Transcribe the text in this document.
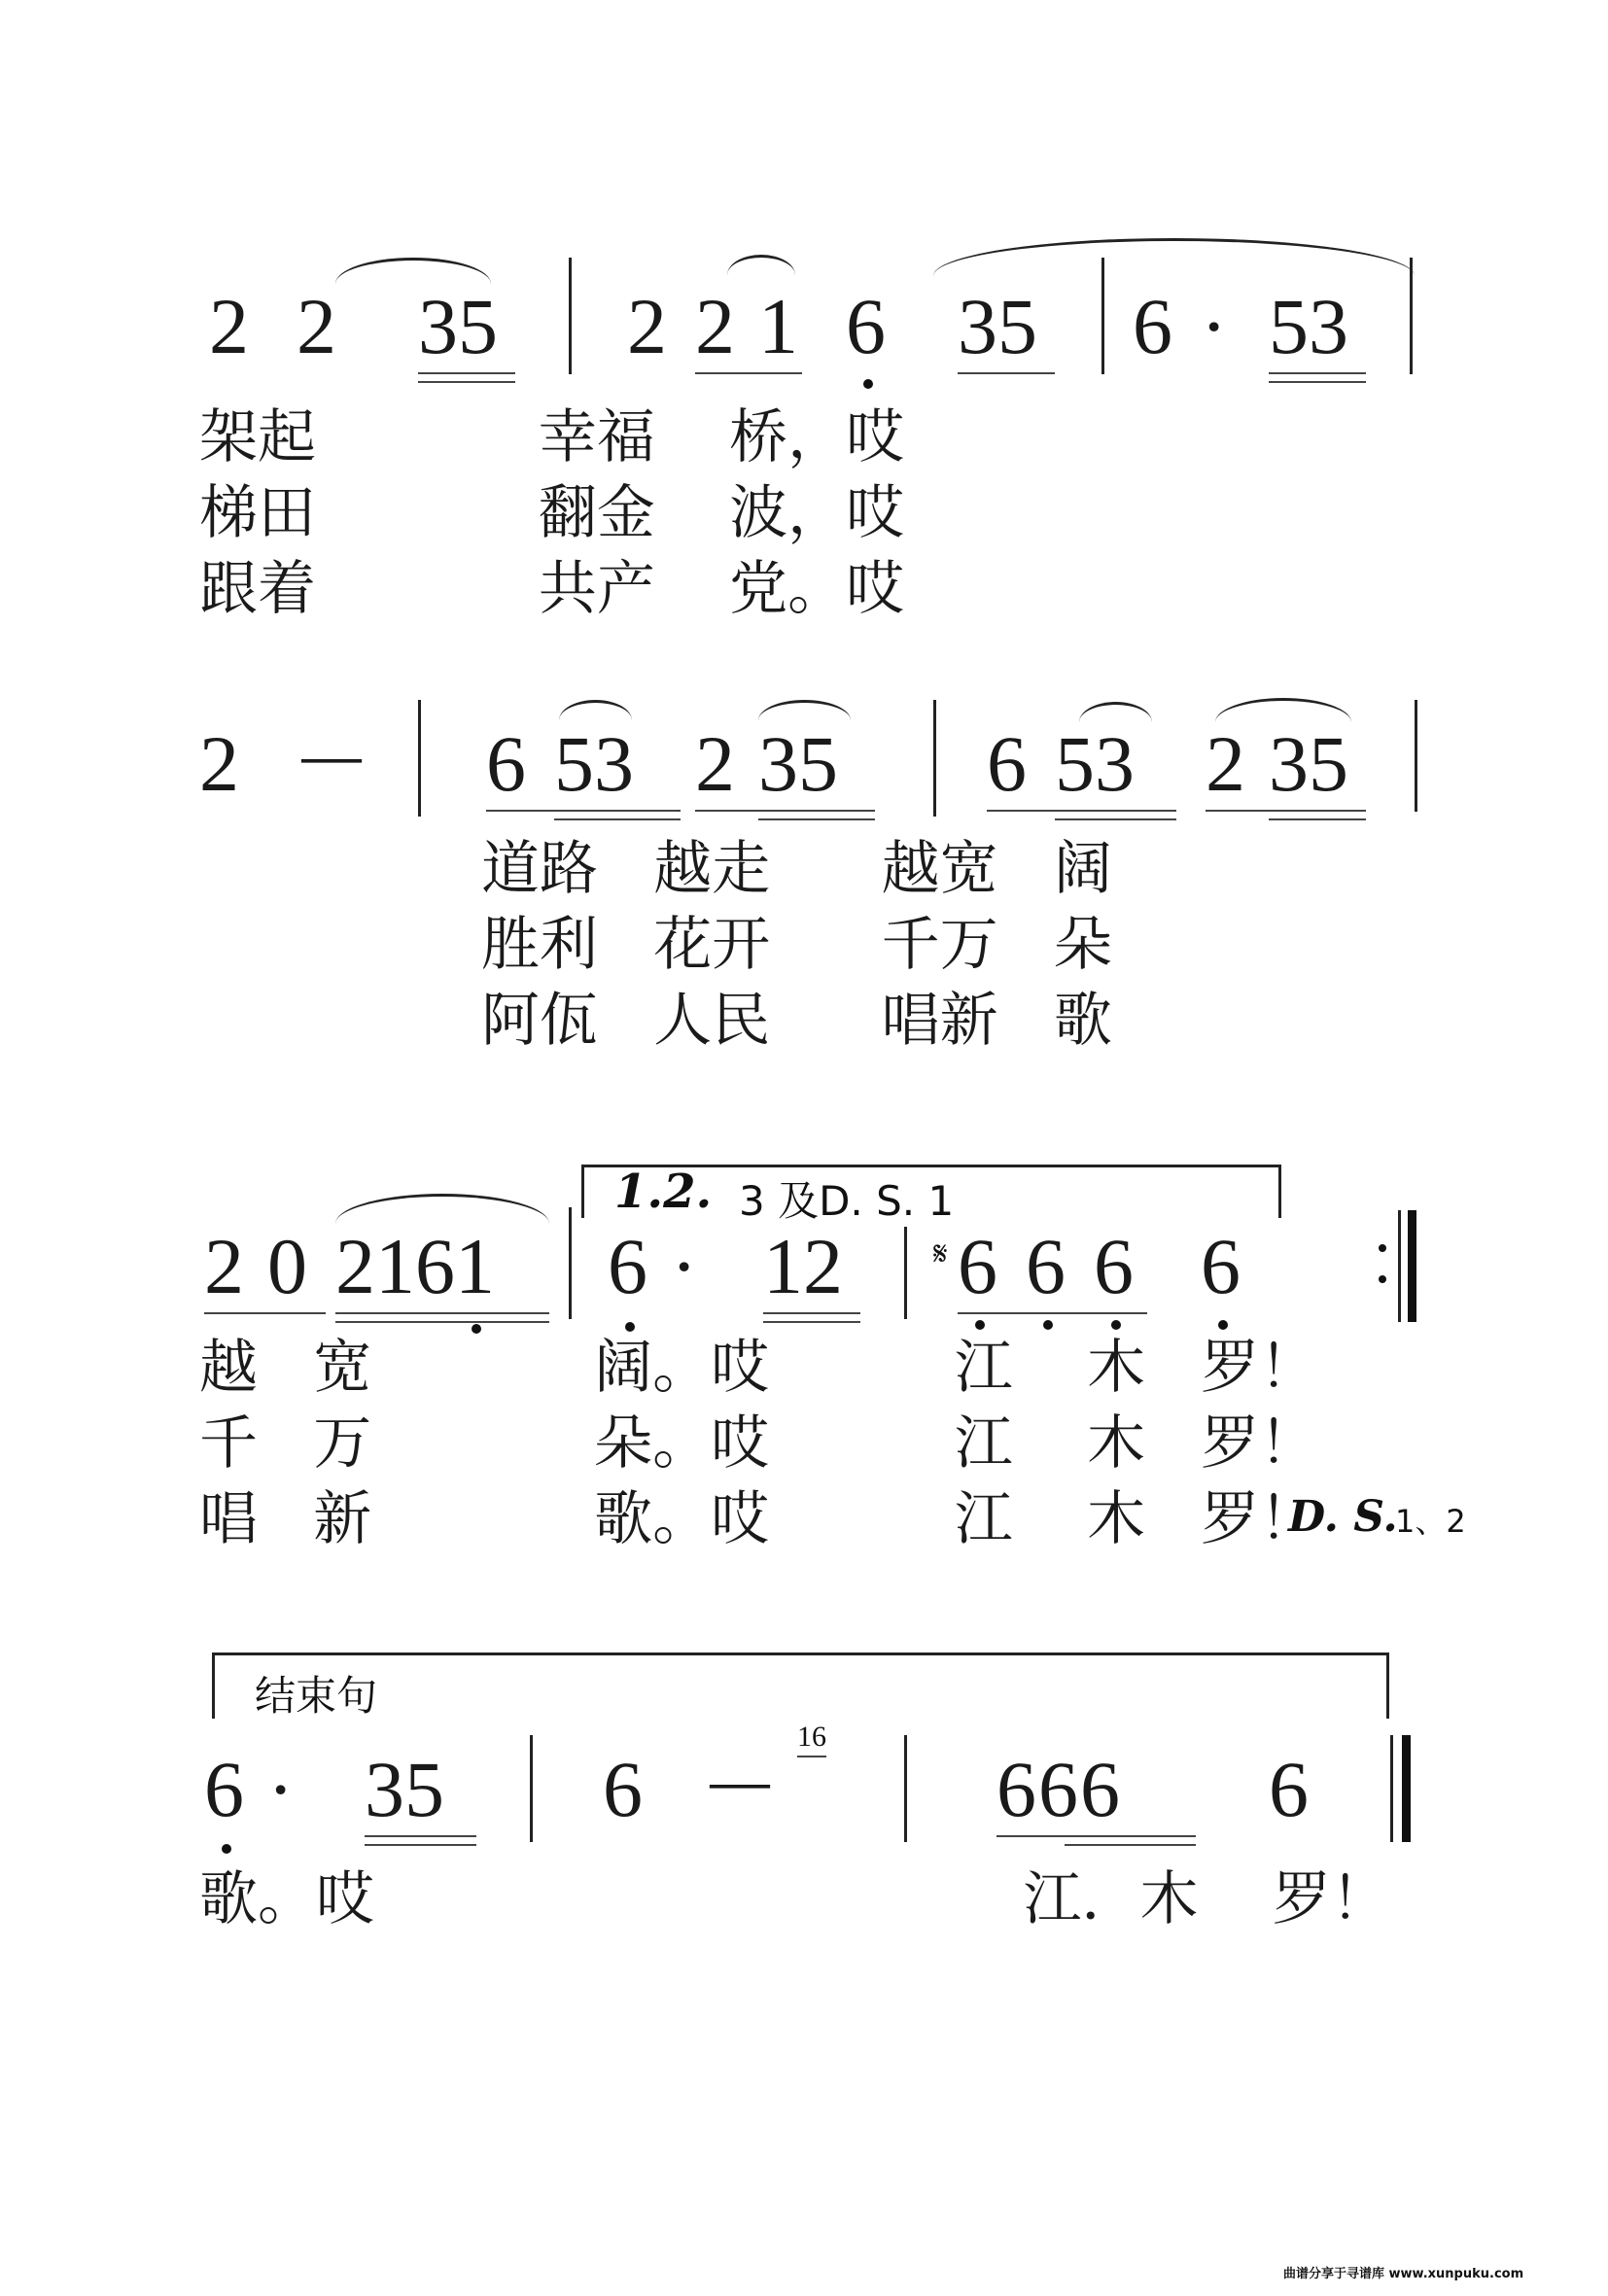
2 2 35 2 2 1 6 35 6 · 53
架起            幸福    桥，哎
梯田            翻金    波，哎
跟着            共产    党。哎
2 － 6 53 2 35 6 53 2 35
道路   越走      越宽   阔
胜利   花开      千万   朵
阿佤   人民      唱新   歌
1.2. 3 及D. S. 1
2 0 2161 6 · 12	𝄋 6 6 6 6
越   宽            阔。哎          江    木   罗！
千   万            朵。哎          江    木   罗！
唱   新            歌。哎          江    木   罗！
D. S.
1、2
结束句
6 · 35 6 －
16
666 6
歌。哎                                   江．木    罗！
曲谱分享于寻谱库 www.xunpuku.com
